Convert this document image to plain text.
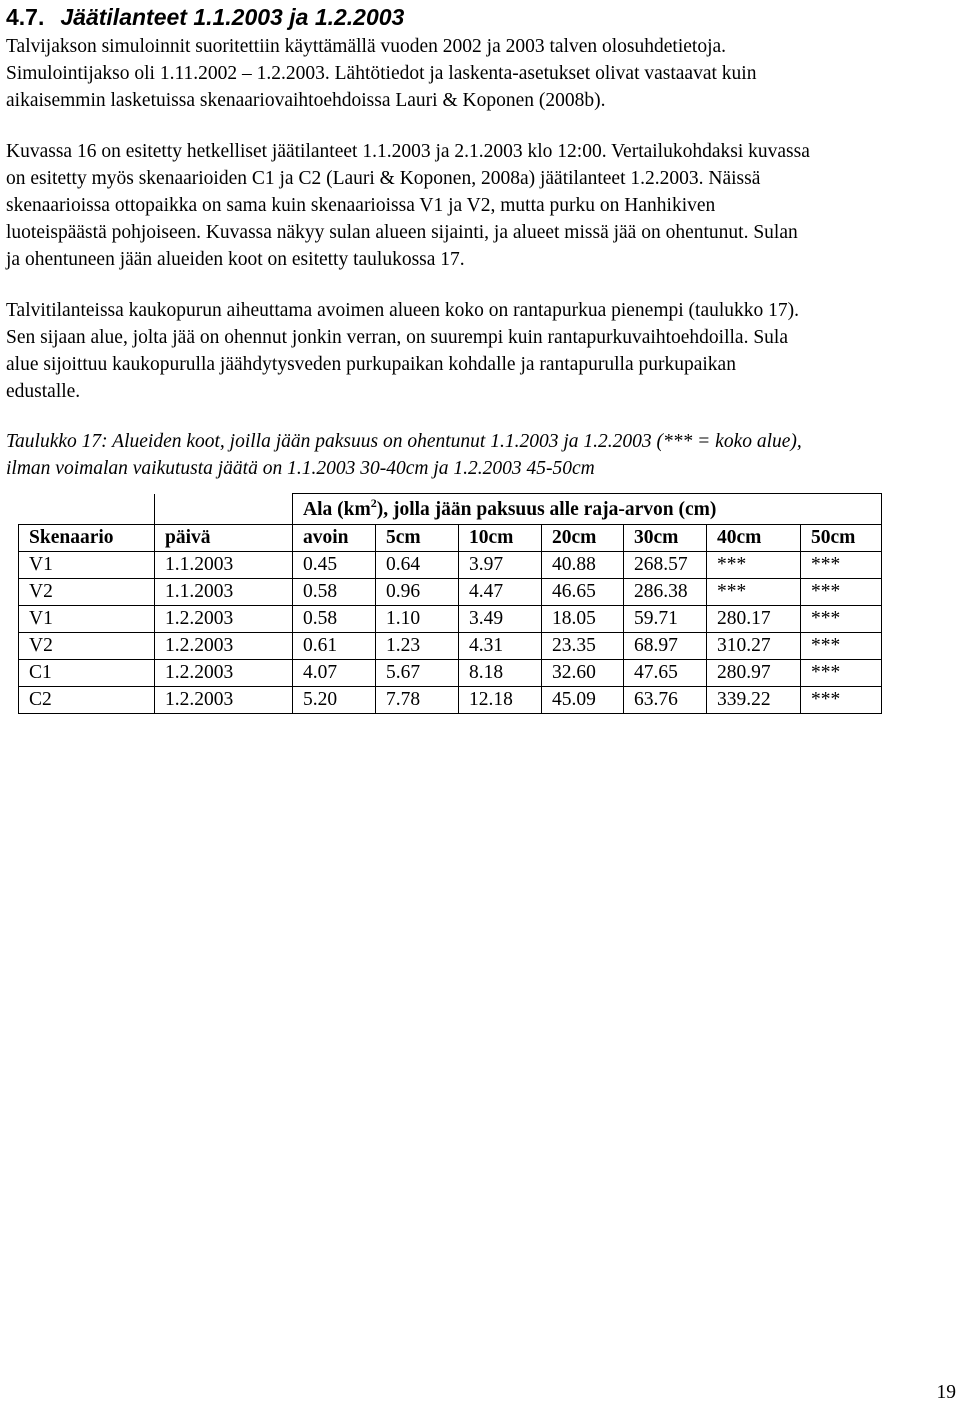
4.7. Jäätilanteet 1.1.2003 ja 1.2.2003
Talvijakson simuloinnit suoritettiin käyttämällä vuoden 2002 ja 2003 talven olosuhdetietoja.
Simulointijakso oli 1.11.2002 – 1.2.2003. Lähtötiedot ja laskenta-asetukset olivat vastaavat kuin
aikaisemmin lasketuissa skenaariovaihtoehdoissa Lauri & Koponen (2008b).
Kuvassa 16 on esitetty hetkelliset jäätilanteet 1.1.2003 ja 2.1.2003 klo 12:00. Vertailukohdaksi kuvassa
on esitetty myös skenaarioiden C1 ja C2 (Lauri & Koponen, 2008a) jäätilanteet 1.2.2003. Näissä
skenaarioissa ottopaikka on sama kuin skenaarioissa V1 ja V2, mutta purku on Hanhikiven
luoteispäästä pohjoiseen. Kuvassa näkyy sulan alueen sijainti, ja alueet missä jää on ohentunut. Sulan
ja ohentuneen jään alueiden koot on esitetty taulukossa 17.
Talvitilanteissa kaukopurun aiheuttama avoimen alueen koko on rantapurkua pienempi (taulukko 17).
Sen sijaan alue, jolta jää on ohennut jonkin verran, on suurempi kuin rantapurkuvaihtoehdoilla. Sula
alue sijoittuu kaukopurulla jäähdytysveden purkupaikan kohdalle ja rantapurulla purkupaikan
edustalle.
Taulukko 17: Alueiden koot, joilla jään paksuus on ohentunut 1.1.2003 ja 1.2.2003 (*** = koko alue),
ilman voimalan vaikutusta jäätä on 1.1.2003 30-40cm ja 1.2.2003 45-50cm
		Ala $(km^2)$, jolla jään paksuus alle raja-arvon (cm)						
Skenaario	päivä	avoin	5cm	10cm	20cm	30cm	40cm	50cm
V1	1.1.2003	0.45	0.64	3.97	40.88	268.57	***	***
V2	1.1.2003	0.58	0.96	4.47	46.65	286.38	***	***
V1	1.2.2003	0.58	1.10	3.49	18.05	59.71	280.17	***
V2	1.2.2003	0.61	1.23	4.31	23.35	68.97	310.27	***
C1	1.2.2003	4.07	5.67	8.18	32.60	47.65	280.97	***
C2	1.2.2003	5.20	7.78	12.18	45.09	63.76	339.22	***
19
